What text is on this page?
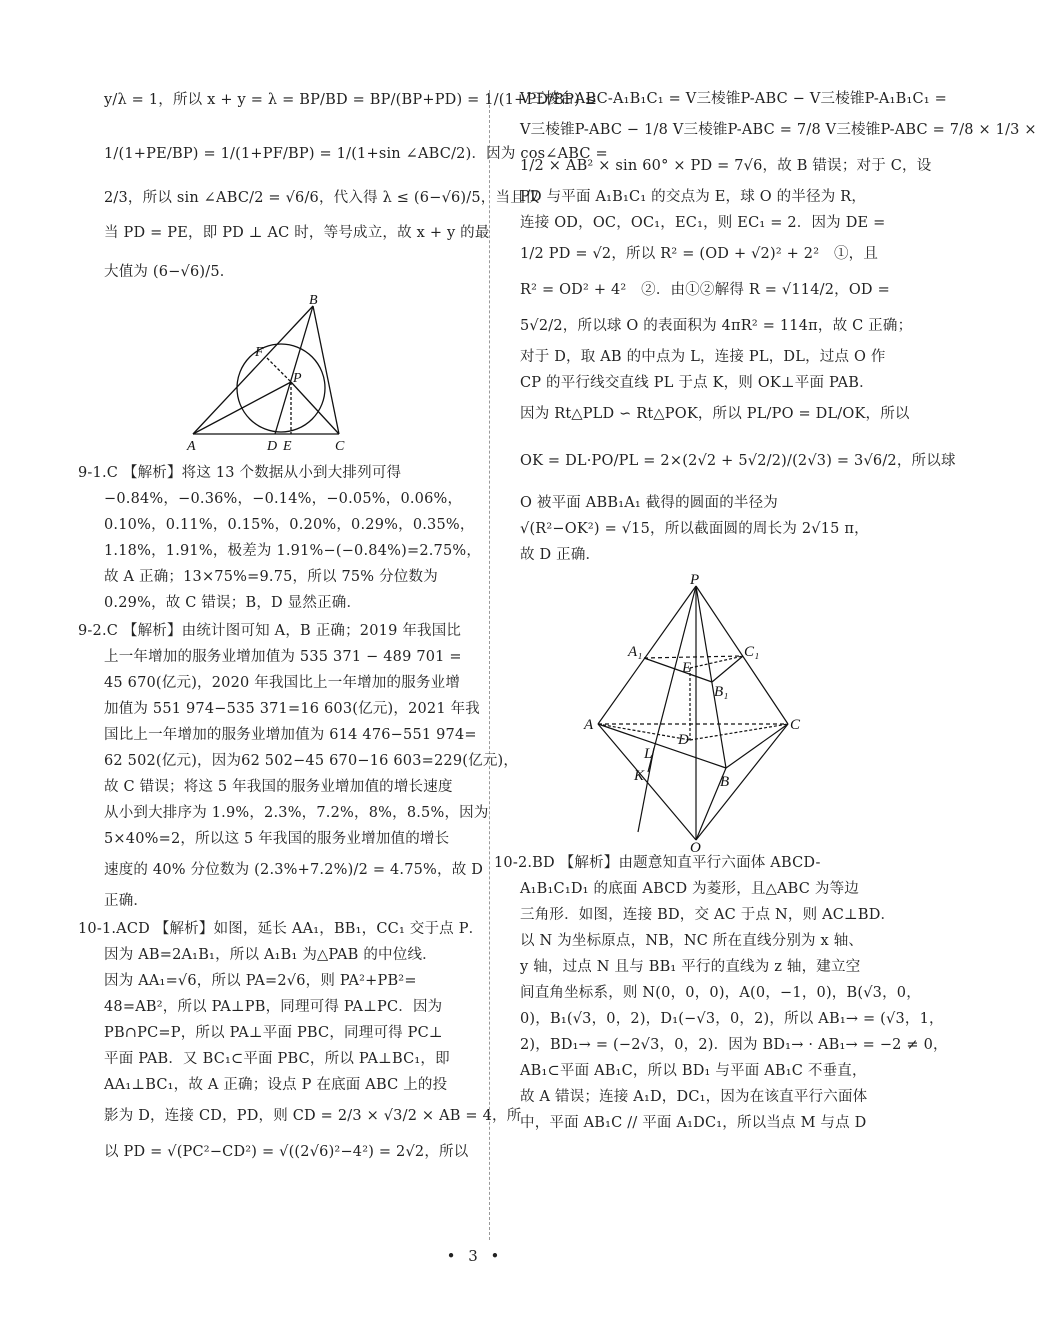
y/λ = 1，所以 x + y = λ = BP/BD = BP/(BP+PD) = 1/(1+PD/BP) ≤
1/(1+PE/BP) = 1/(1+PF/BP) = 1/(1+sin ∠ABC/2)．因为 cos∠ABC =
2/3，所以 sin ∠ABC/2 = √6/6，代入得 λ ≤ (6−√6)/5，当且仅
当 PD = PE，即 PD ⊥ AC 时，等号成立，故 x + y 的最
大值为 (6−√6)/5．
B
F
P
A	D E	C
9-1.C 【解析】将这 13 个数据从小到大排列可得
−0.84%，−0.36%，−0.14%，−0.05%，0.06%，
0.10%，0.11%，0.15%，0.20%，0.29%，0.35%，
1.18%，1.91%，极差为 1.91%−(−0.84%)=2.75%，
故 A 正确；13×75%=9.75，所以 75% 分位数为
0.29%，故 C 错误；B，D 显然正确．
9-2.C 【解析】由统计图可知 A，B 正确；2019 年我国比
上一年增加的服务业增加值为 535 371 − 489 701 =
45 670(亿元)，2020 年我国比上一年增加的服务业增
加值为 551 974−535 371=16 603(亿元)，2021 年我
国比上一年增加的服务业增加值为 614 476−551 974=
62 502(亿元)，因为62 502−45 670−16 603=229(亿元)，
故 C 错误；将这 5 年我国的服务业增加值的增长速度
从小到大排序为 1.9%，2.3%，7.2%，8%，8.5%，因为
5×40%=2，所以这 5 年我国的服务业增加值的增长
速度的 40% 分位数为 (2.3%+7.2%)/2 = 4.75%，故 D
正确．
10-1.ACD 【解析】如图，延长 AA₁，BB₁，CC₁ 交于点 P．
因为 AB=2A₁B₁，所以 A₁B₁ 为△PAB 的中位线．
因为 AA₁=√6，所以 PA=2√6，则 PA²+PB²=
48=AB²，所以 PA⊥PB，同理可得 PA⊥PC．因为
PB∩PC=P，所以 PA⊥平面 PBC，同理可得 PC⊥
平面 PAB．又 BC₁⊂平面 PBC，所以 PA⊥BC₁，即
AA₁⊥BC₁，故 A 正确；设点 P 在底面 ABC 上的投
影为 D，连接 CD，PD，则 CD = 2/3 × √3/2 × AB = 4，所
以 PD = √(PC²−CD²) = √((2√6)²−4²) = 2√2，所以
V三棱台ABC-A₁B₁C₁ = V三棱锥P-ABC − V三棱锥P-A₁B₁C₁ =
V三棱锥P-ABC − 1/8 V三棱锥P-ABC = 7/8 V三棱锥P-ABC = 7/8 × 1/3 ×
1/2 × AB² × sin 60° × PD = 7√6，故 B 错误；对于 C，设
PD 与平面 A₁B₁C₁ 的交点为 E，球 O 的半径为 R，
连接 OD，OC，OC₁，EC₁，则 EC₁ = 2．因为 DE =
1/2 PD = √2，所以 R² = (OD + √2)² + 2²　①，且
R² = OD² + 4²　②．由①②解得 R = √114/2，OD =
5√2/2，所以球 O 的表面积为 4πR² = 114π，故 C 正确；
对于 D，取 AB 的中点为 L，连接 PL，DL，过点 O 作
CP 的平行线交直线 PL 于点 K，则 OK⊥平面 PAB．
因为 Rt△PLD ∽ Rt△POK，所以 PL/PO = DL/OK，所以
OK = DL·PO/PL = 2×(2√2 + 5√2/2)/(2√3) = 3√6/2，所以球
O 被平面 ABB₁A₁ 截得的圆面的半径为
√(R²−OK²) = √15，所以截面圆的周长为 2√15 π，
故 D 正确．
P
A₁	C₁
E
B₁
A	C
D
L
K	B
O
10-2.BD 【解析】由题意知直平行六面体 ABCD-
A₁B₁C₁D₁ 的底面 ABCD 为菱形，且△ABC 为等边
三角形．如图，连接 BD，交 AC 于点 N，则 AC⊥BD．
以 N 为坐标原点，NB，NC 所在直线分别为 x 轴、
y 轴，过点 N 且与 BB₁ 平行的直线为 z 轴，建立空
间直角坐标系，则 N(0，0，0)，A(0，−1，0)，B(√3，0，
0)，B₁(√3，0，2)，D₁(−√3，0，2)，所以 AB₁→ = (√3，1，
2)，BD₁→ = (−2√3，0，2)．因为 BD₁→ · AB₁→ = −2 ≠ 0，
AB₁⊂平面 AB₁C，所以 BD₁ 与平面 AB₁C 不垂直，
故 A 错误；连接 A₁D，DC₁，因为在该直平行六面体
中，平面 AB₁C // 平面 A₁DC₁，所以当点 M 与点 D
• 3 •
